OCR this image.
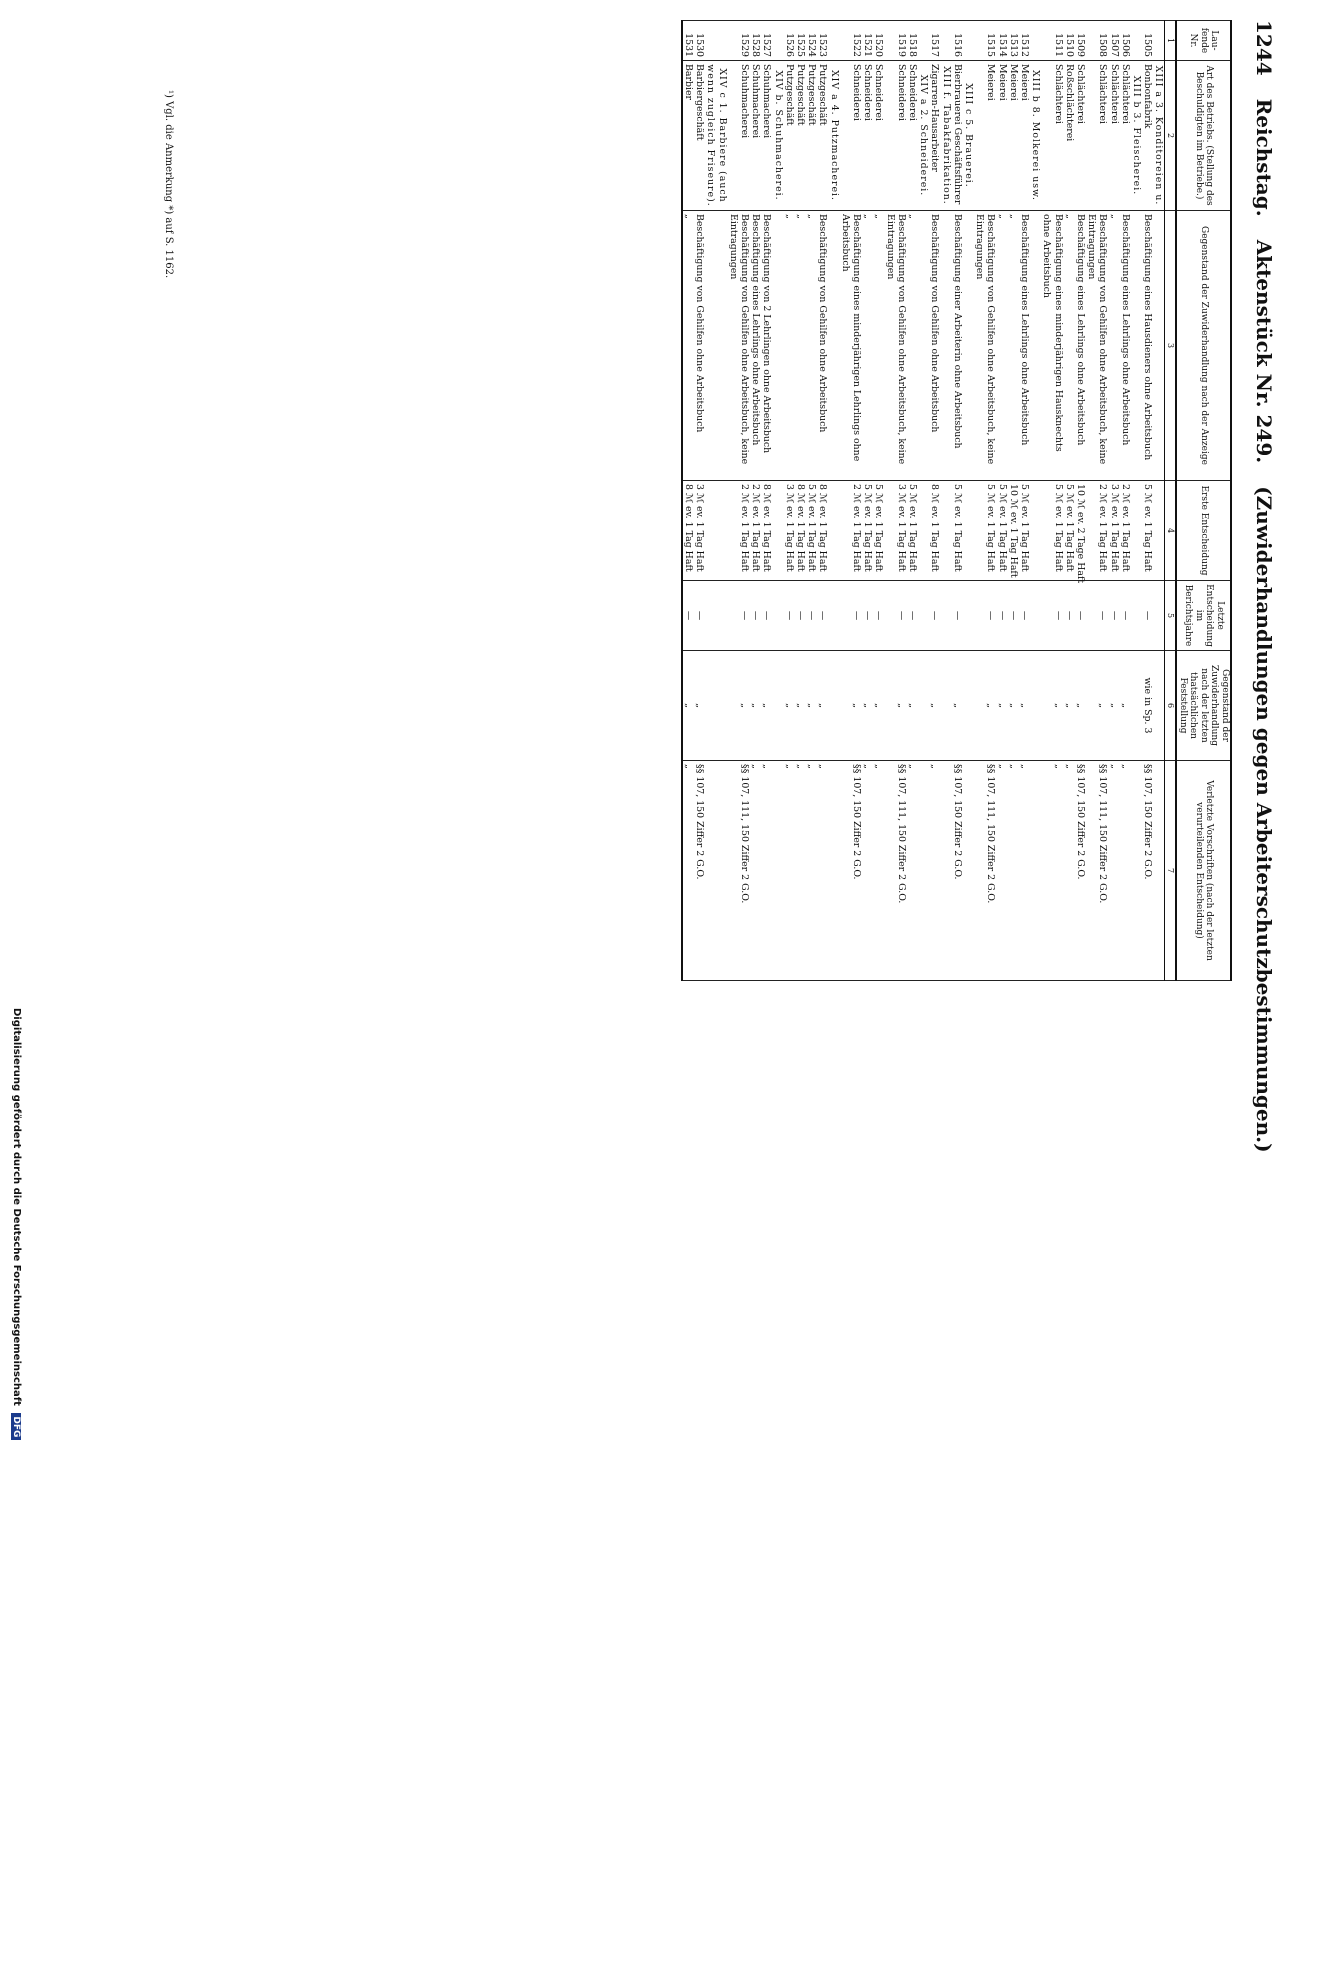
1244 Reichstag. Aktenstück Nr. 249. (Zuwiderhandlungen gegen Arbeiterschutzbestimmungen.)
Lau-fende Nr.	Art des Betriebs. (Stellung des Beschuldigten im Betriebe.)	Gegenstand der Zuwiderhandlung nach der Anzeige	Erste Entscheidung	Letzte Entscheidung im Berichtsjahre	Gegenstand der Zuwiderhandlung nach der letzten thatsächlichen Feststellung	Verletzte Vorschriften (nach der letzten verurteilenden Entscheidung)
1	2	3	4	5	6	7
	XIII a 3. Konditoreien u.					
1505	Bonbonfabrik	Beschäftigung eines Hausdieners ohne Arbeitsbuch	5 ℳ ev. 1 Tag Haft	—	wie in Sp. 3	§§ 107, 150 Ziffer 2 G.O.
	XIII b 3. Fleischerei.					
1506	Schlächterei	Beschäftigung eines Lehrlings ohne Arbeitsbuch	2 ℳ ev. 1 Tag Haft	—	„	„
1507	Schlächterei	„	3 ℳ ev. 1 Tag Haft	—	„	„
1508	Schlächterei	Beschäftigung von Gehilfen ohne Arbeitsbuch, keine Eintragungen	2 ℳ ev. 1 Tag Haft	—	„	§§ 107, 111, 150 Ziffer 2 G.O.
1509	Schlächterei	Beschäftigung eines Lehrlings ohne Arbeitsbuch	10 ℳ ev. 2 Tage Haft	—	„	§§ 107, 150 Ziffer 2 G.O.
1510	Roßschlächterei	„	5 ℳ ev. 1 Tag Haft	—	„	„
1511	Schlächterei	Beschäftigung eines minderjährigen Hausknechts ohne Arbeitsbuch	5 ℳ ev. 1 Tag Haft	—	„	„
	XIII b 8. Molkerei usw.					
1512	Meierei	Beschäftigung eines Lehrlings ohne Arbeitsbuch	5 ℳ ev. 1 Tag Haft	—	„	„
1513	Meierei	„	10 ℳ ev. 1 Tag Haft	—	„	„
1514	Meierei	„	5 ℳ ev. 1 Tag Haft	—	„	„
1515	Meierei	Beschäftigung von Gehilfen ohne Arbeitsbuch, keine Eintragungen	5 ℳ ev. 1 Tag Haft	—	„	§§ 107, 111, 150 Ziffer 2 G.O.
	XIII c 5. Brauerei.					
1516	Bierbrauerei Geschäftsführer	Beschäftigung einer Arbeiterin ohne Arbeitsbuch	5 ℳ ev. 1 Tag Haft	—	„	§§ 107, 150 Ziffer 2 G.O.
	XIII f. Tabakfabrikation.					
1517	Zigarren-Hausarbeiter	Beschäftigung von Gehilfen ohne Arbeitsbuch	8 ℳ ev. 1 Tag Haft	—	„	„
	XIV a 2. Schneiderei.					
1518	Schneiderei	„	5 ℳ ev. 1 Tag Haft	—	„	„
1519	Schneiderei	Beschäftigung von Gehilfen ohne Arbeitsbuch, keine Eintragungen	3 ℳ ev. 1 Tag Haft	—	„	§§ 107, 111, 150 Ziffer 2 G.O.
1520	Schneiderei	„	5 ℳ ev. 1 Tag Haft	—	„	„
1521	Schneiderei	„	5 ℳ ev. 1 Tag Haft	—	„	„
1522	Schneiderei	Beschäftigung eines minderjährigen Lehrlings ohne Arbeitsbuch	2 ℳ ev. 1 Tag Haft	—	„	§§ 107, 150 Ziffer 2 G.O.
	XIV a 4. Putzmacherei.					
1523	Putzgeschäft	Beschäftigung von Gehilfen ohne Arbeitsbuch	8 ℳ ev. 1 Tag Haft	—	„	„
1524	Putzgeschäft	„	5 ℳ ev. 1 Tag Haft	—	„	„
1525	Putzgeschäft	„	8 ℳ ev. 1 Tag Haft	—	„	„
1526	Putzgeschäft	„	3 ℳ ev. 1 Tag Haft	—	„	„
	XIV b. Schuhmacherei.					
1527	Schuhmacherei	Beschäftigung von 2 Lehrlingen ohne Arbeitsbuch	8 ℳ ev. 1 Tag Haft	—	„	„
1528	Schuhmacherei	Beschäftigung eines Lehrlings ohne Arbeitsbuch	2 ℳ ev. 1 Tag Haft	—	„	„
1529	Schuhmacherei	Beschäftigung von Gehilfen ohne Arbeitsbuch, keine Eintragungen	2 ℳ ev. 1 Tag Haft	—	„	§§ 107, 111, 150 Ziffer 2 G.O.
	XIV c 1. Barbiere (auch wenn zugleich Friseure).					
1530	Barbiergeschäft	Beschäftigung von Gehilfen ohne Arbeitsbuch	3 ℳ ev. 1 Tag Haft	—	„	§§ 107, 150 Ziffer 2 G.O.
1531	Barbier	„	8 ℳ ev. 1 Tag Haft	—	„	„
¹) Vgl. die Anmerkung *) auf S. 1162.
Digitalisierung gefördert durch die Deutsche Forschungsgemeinschaft DFG
